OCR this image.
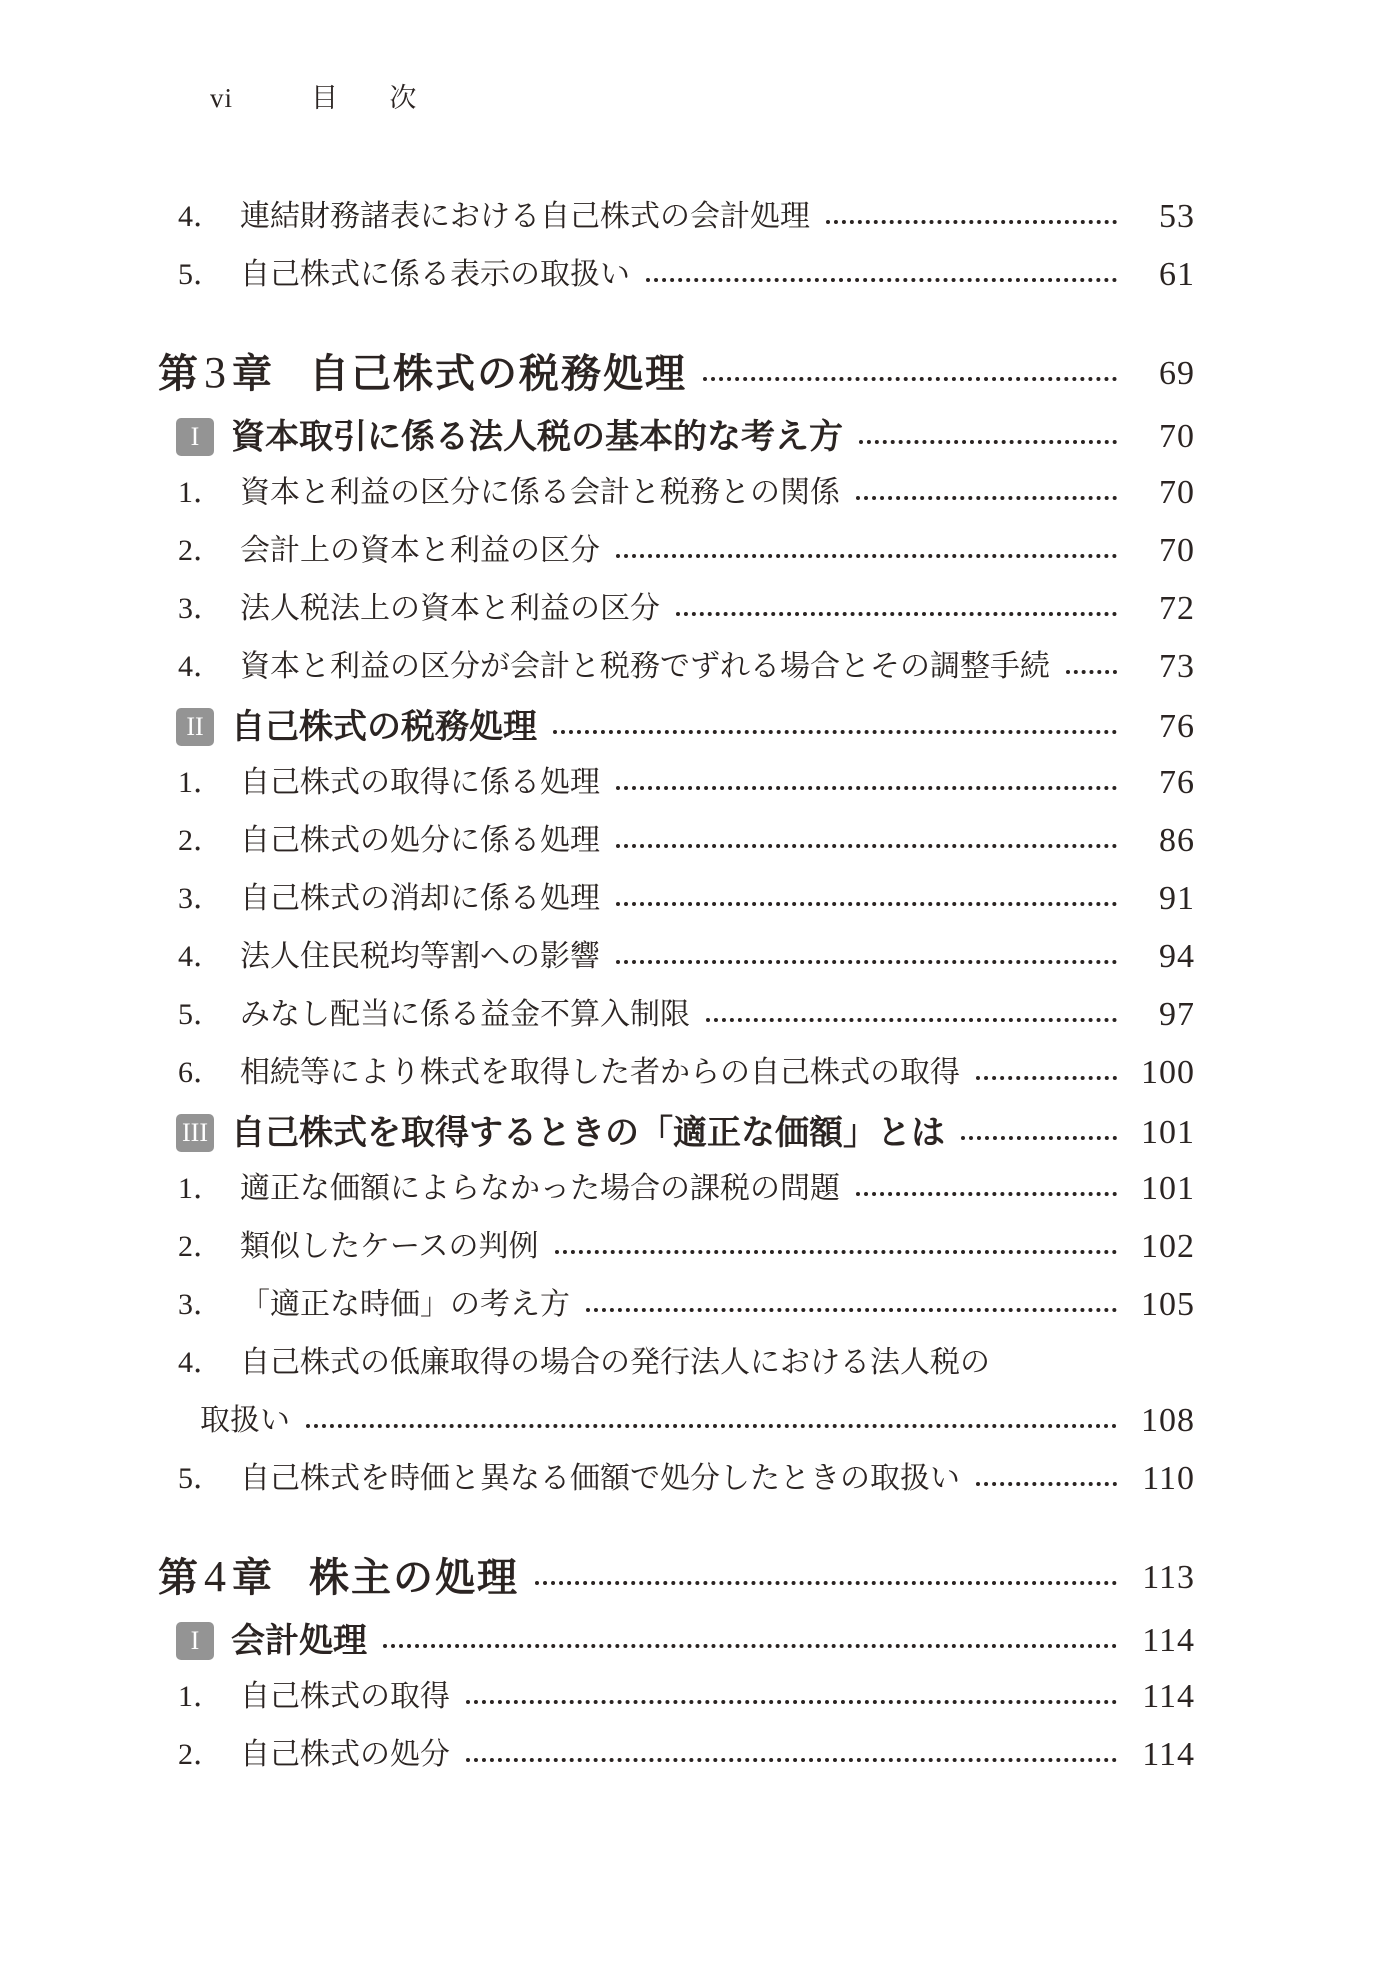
vi	目　次
4． 連結財務諸表における自己株式の会計処理	53
5． 自己株式に係る表示の取扱い	61
第 3 章 自己株式の税務処理	69
I 資本取引に係る法人税の基本的な考え方	70
1． 資本と利益の区分に係る会計と税務との関係	70
2． 会計上の資本と利益の区分	70
3． 法人税法上の資本と利益の区分	72
4． 資本と利益の区分が会計と税務でずれる場合とその調整手続	73
II 自己株式の税務処理	76
1． 自己株式の取得に係る処理	76
2． 自己株式の処分に係る処理	86
3． 自己株式の消却に係る処理	91
4． 法人住民税均等割への影響	94
5． みなし配当に係る益金不算入制限	97
6． 相続等により株式を取得した者からの自己株式の取得	100
III 自己株式を取得するときの「適正な価額」とは	101
1． 適正な価額によらなかった場合の課税の問題	101
2． 類似したケースの判例	102
3． 「適正な時価」の考え方	105
4． 自己株式の低廉取得の場合の発行法人における法人税の
取扱い	108
5． 自己株式を時価と異なる価額で処分したときの取扱い	110
第 4 章 株主の処理	113
I 会計処理	114
1． 自己株式の取得	114
2． 自己株式の処分	114
